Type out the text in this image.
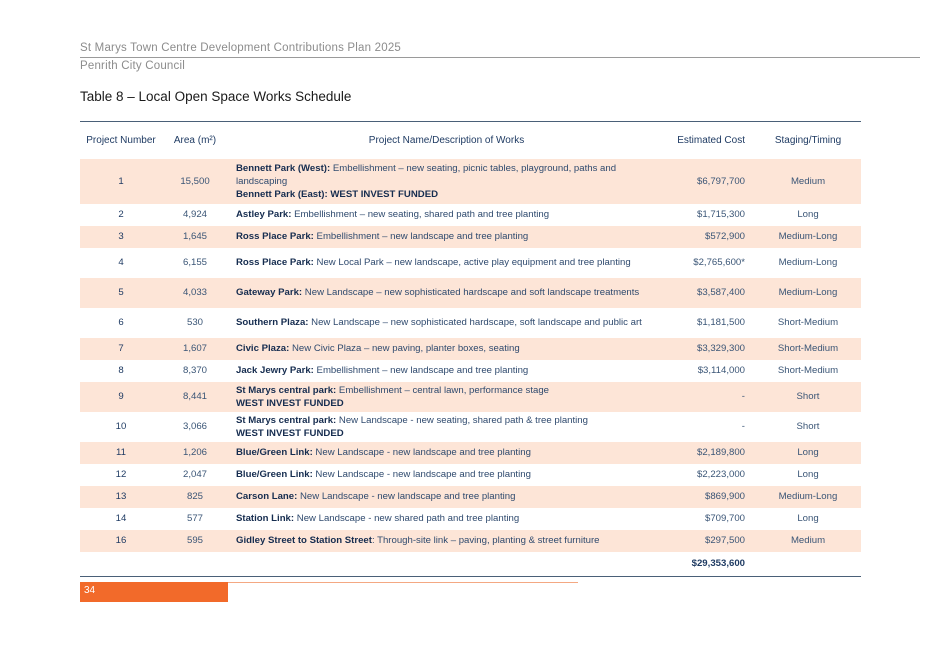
St Marys Town Centre Development Contributions Plan 2025
Penrith City Council
Table 8 – Local Open Space Works Schedule
Project Number	Area (m²)	Project Name/Description of Works	Estimated Cost	Staging/Timing
1	15,500	Bennett Park (West): Embellishment – new seating, picnic tables, playground, paths and landscaping
Bennett Park (East): WEST INVEST FUNDED	$6,797,700	Medium
2	4,924	Astley Park: Embellishment – new seating, shared path and tree planting	$1,715,300	Long
3	1,645	Ross Place Park: Embellishment – new landscape and tree planting	$572,900	Medium-Long
4	6,155	Ross Place Park: New Local Park – new landscape, active play equipment and tree planting	$2,765,600*	Medium-Long
5	4,033	Gateway Park: New Landscape – new sophisticated hardscape and soft landscape treatments	$3,587,400	Medium-Long
6	530	Southern Plaza: New Landscape – new sophisticated hardscape, soft landscape and public art	$1,181,500	Short-Medium
7	1,607	Civic Plaza: New Civic Plaza – new paving, planter boxes, seating	$3,329,300	Short-Medium
8	8,370	Jack Jewry Park: Embellishment – new landscape and tree planting	$3,114,000	Short-Medium
9	8,441	St Marys central park: Embellishment – central lawn, performance stage
WEST INVEST FUNDED	-	Short
10	3,066	St Marys central park: New Landscape - new seating, shared path & tree planting
WEST INVEST FUNDED	-	Short
11	1,206	Blue/Green Link: New Landscape - new landscape and tree planting	$2,189,800	Long
12	2,047	Blue/Green Link: New Landscape - new landscape and tree planting	$2,223,000	Long
13	825	Carson Lane: New Landscape - new landscape and tree planting	$869,900	Medium-Long
14	577	Station Link: New Landscape - new shared path and tree planting	$709,700	Long
16	595	Gidley Street to Station Street: Through-site link – paving, planting & street furniture	$297,500	Medium
			$29,353,600	
34
